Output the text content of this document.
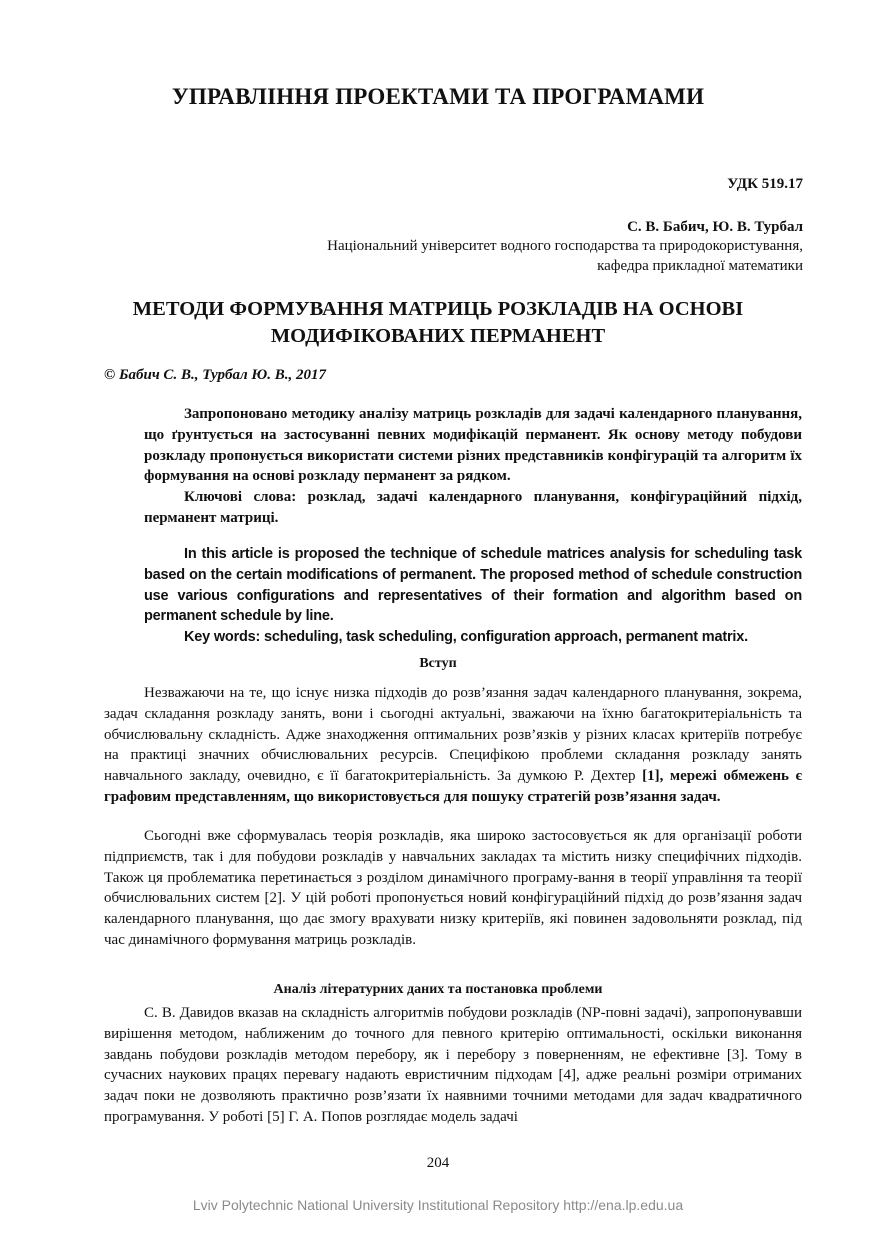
УПРАВЛІННЯ ПРОЕКТАМИ ТА ПРОГРАМАМИ
УДК 519.17
С. В. Бабич, Ю. В. Турбал
Національний університет водного господарства та природокористування,
кафедра прикладної математики
МЕТОДИ ФОРМУВАННЯ МАТРИЦЬ РОЗКЛАДІВ НА ОСНОВІ
МОДИФІКОВАНИХ ПЕРМАНЕНТ
© Бабич С. В., Турбал Ю. В., 2017
Запропоновано методику аналізу матриць розкладів для задачі календарного планування, що ґрунтується на застосуванні певних модифікацій перманент. Як основу методу побудови розкладу пропонується використати системи різних представників конфігурацій та алгоритм їх формування на основі розкладу перманент за рядком.
Ключові слова: розклад, задачі календарного планування, конфігураційний підхід, перманент матриці.
In this article is proposed the technique of schedule matrices analysis for scheduling task based on the certain modifications of permanent. The proposed method of schedule construction use various configurations and representatives of their formation and algorithm based on permanent schedule by line.
Key words: scheduling, task scheduling, configuration approach, permanent matrix.
Вступ
Незважаючи на те, що існує низка підходів до розв’язання задач календарного планування, зокрема, задач складання розкладу занять, вони і сьогодні актуальні, зважаючи на їхню багатокритеріальність та обчислювальну складність. Адже знаходження оптимальних розв’язків у різних класах критеріїв потребує на практиці значних обчислювальних ресурсів. Специфікою проблеми складання розкладу занять навчального закладу, очевидно, є її багатокритеріальність. За думкою Р. Дехтер [1], мережі обмежень є графовим представленням, що використовується для пошуку стратегій розв’язання задач.
Сьогодні вже сформувалась теорія розкладів, яка широко застосовується як для організації роботи підприємств, так і для побудови розкладів у навчальних закладах та містить низку специфічних підходів. Також ця проблематика перетинається з розділом динамічного програму-вання в теорії управління та теорії обчислювальних систем [2]. У цій роботі пропонується новий конфігураційний підхід до розв’язання задач календарного планування, що дає змогу врахувати низку критеріїв, які повинен задовольняти розклад, під час динамічного формування матриць розкладів.
Аналіз літературних даних та постановка проблеми
С. В. Давидов вказав на складність алгоритмів побудови розкладів (NP-повні задачі), запропонувавши вирішення методом, наближеним до точного для певного критерію оптимальності, оскільки виконання завдань побудови розкладів методом перебору, як і перебору з поверненням, не ефективне [3]. Тому в сучасних наукових працях перевагу надають евристичним підходам [4], адже реальні розміри отриманих задач поки не дозволяють практично розв’язати їх наявними точними методами для задач квадратичного програмування. У роботі [5] Г. А. Попов розглядає модель задачі
204
Lviv Polytechnic National University Institutional Repository http://ena.lp.edu.ua
